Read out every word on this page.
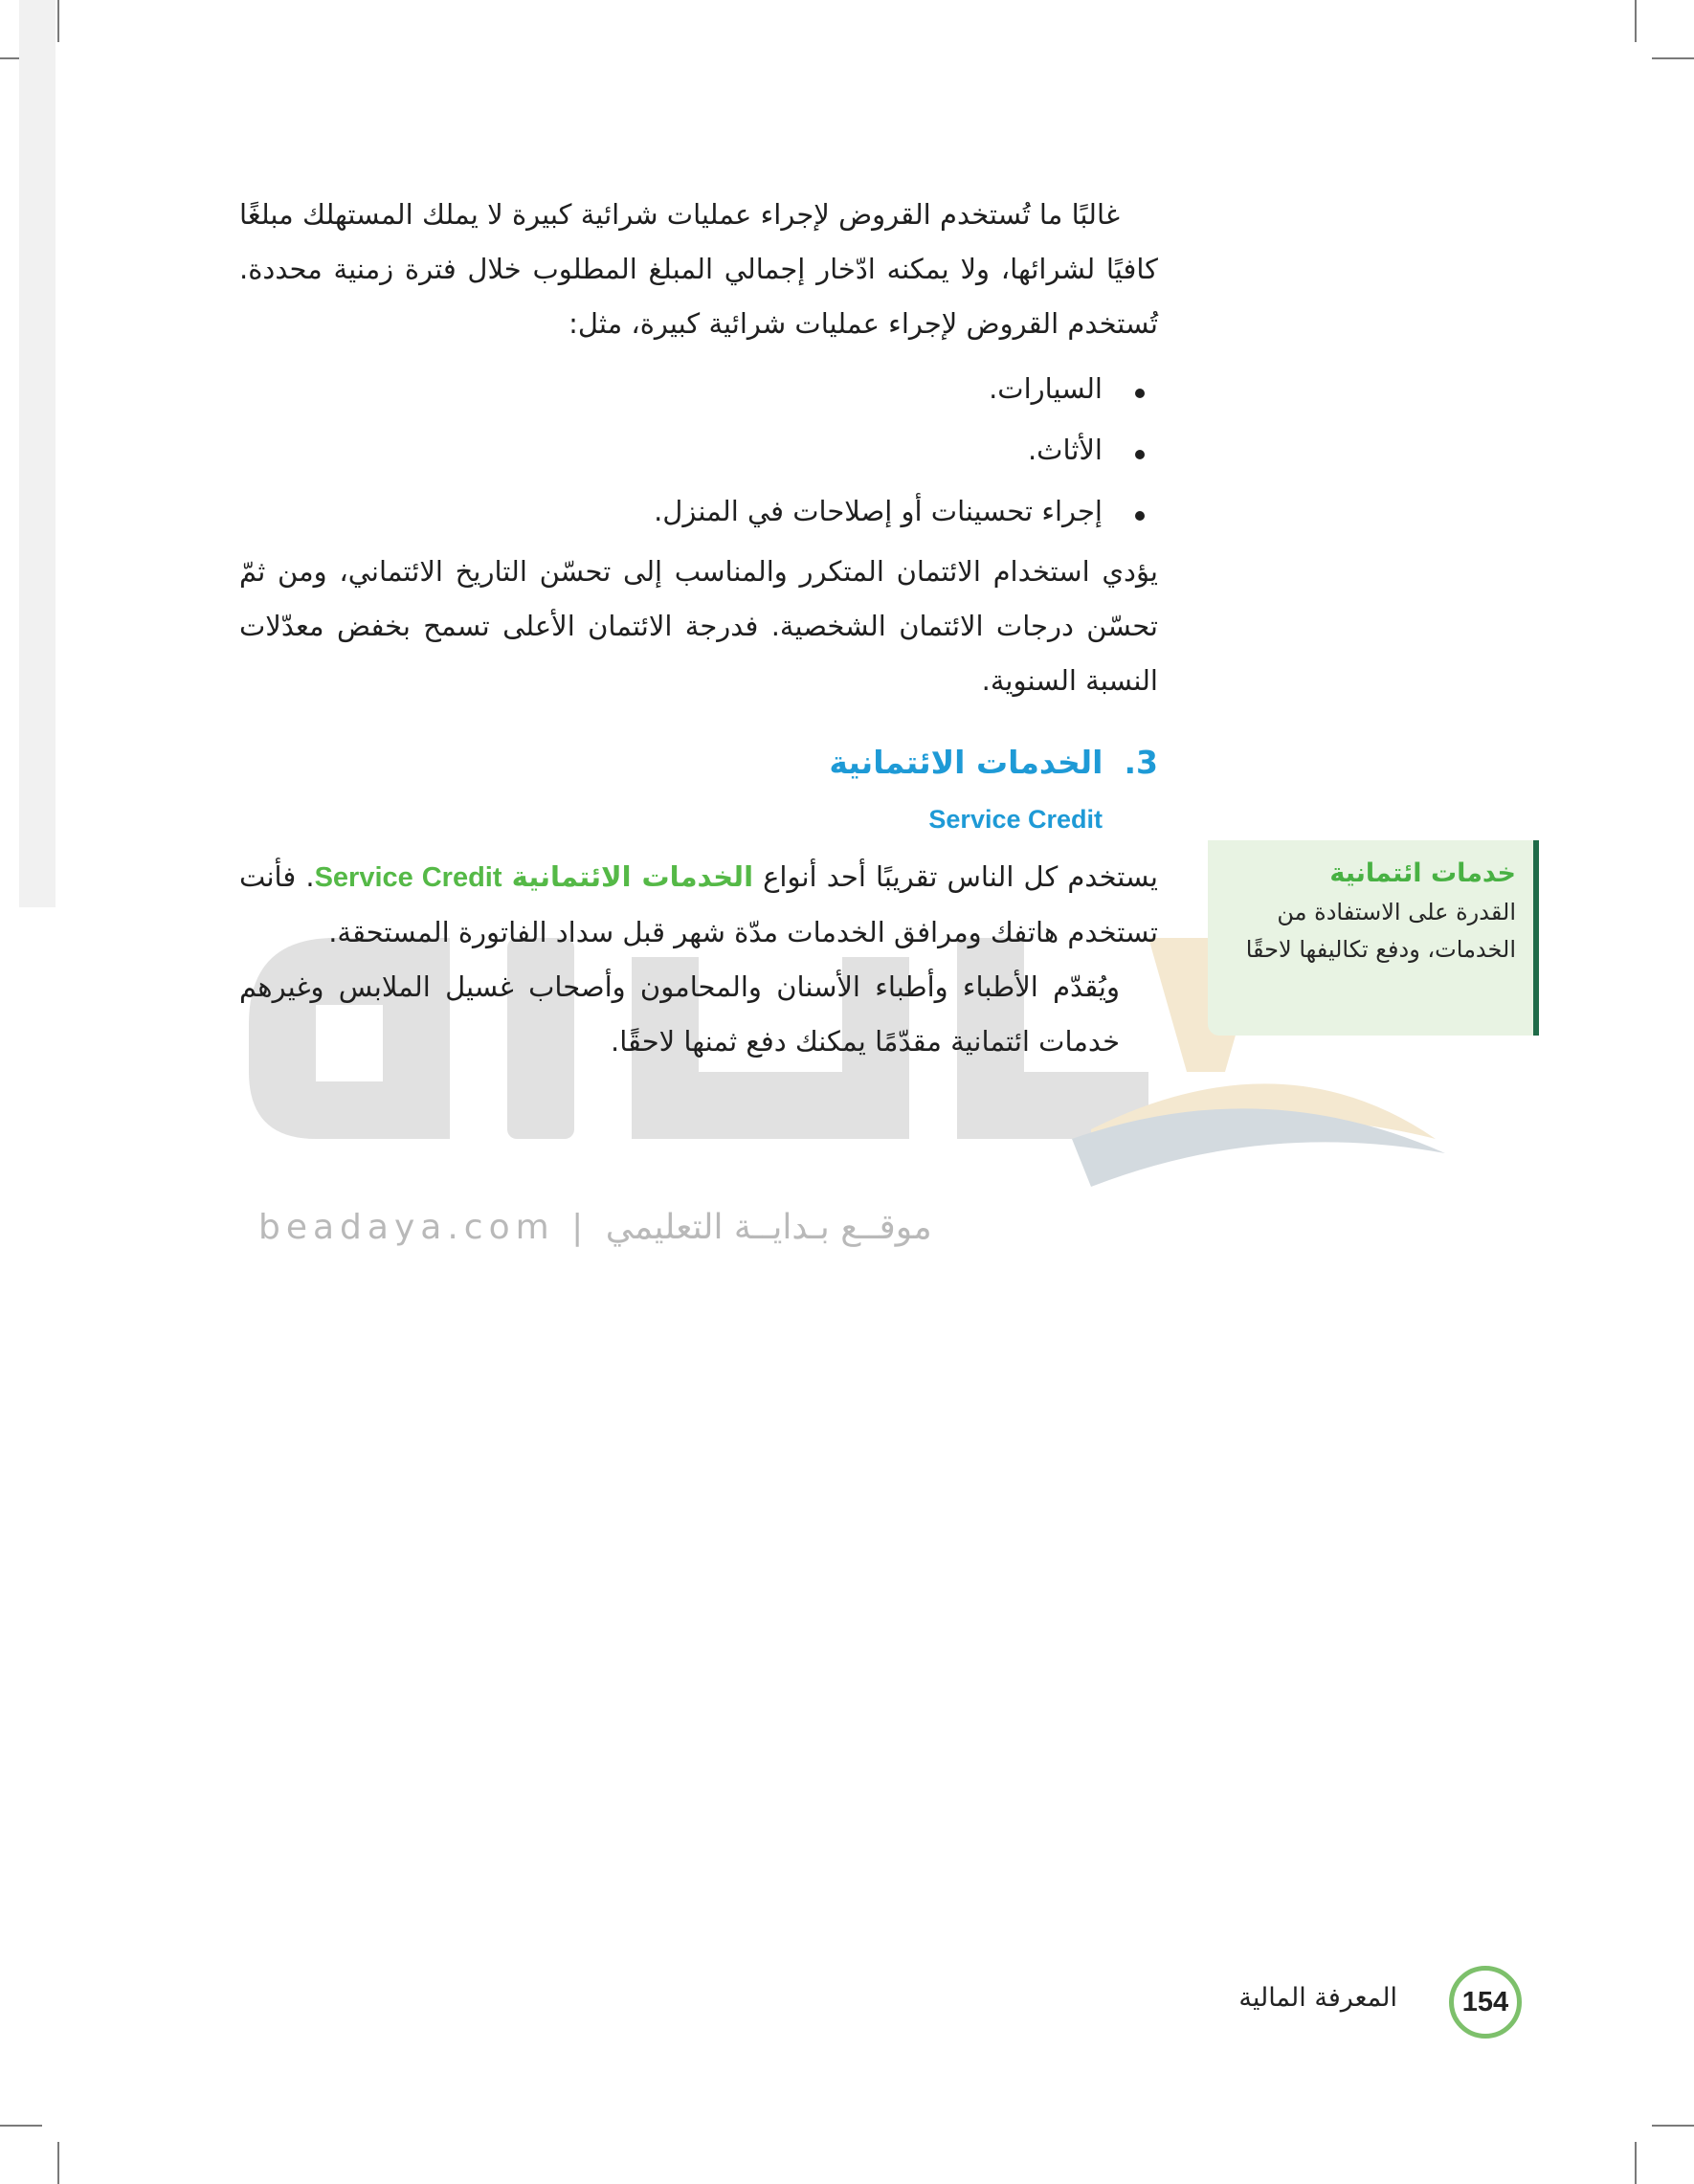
beadaya.com | موقــع بـدايــة التعليمي

غالبًا ما تُستخدم القروض لإجراء عمليات شرائية كبيرة لا يملك المستهلك مبلغًا كافيًا لشرائها، ولا يمكنه ادّخار إجمالي المبلغ المطلوب خلال فترة زمنية محددة. تُستخدم القروض لإجراء عمليات شرائية كبيرة، مثل:

السيارات.
الأثاث.
إجراء تحسينات أو إصلاحات في المنزل.

يؤدي استخدام الائتمان المتكرر والمناسب إلى تحسّن التاريخ الائتماني، ومن ثمّ تحسّن درجات الائتمان الشخصية. فدرجة الائتمان الأعلى تسمح بخفض معدّلات النسبة السنوية.

3.الخدمات الائتمانية
Service Credit

يستخدم كل الناس تقريبًا أحد أنواع الخدمات الائتمانية Service Credit. فأنت تستخدم هاتفك ومرافق الخدمات مدّة شهر قبل سداد الفاتورة المستحقة.

ويُقدّم الأطباء وأطباء الأسنان والمحامون وأصحاب غسيل الملابس وغيرهم خدمات ائتمانية مقدّمًا يمكنك دفع ثمنها لاحقًا.

خدمات ائتمانية

القدرة على الاستفادة من الخدمات، ودفع تكاليفها لاحقًا

154
المعرفة المالية
